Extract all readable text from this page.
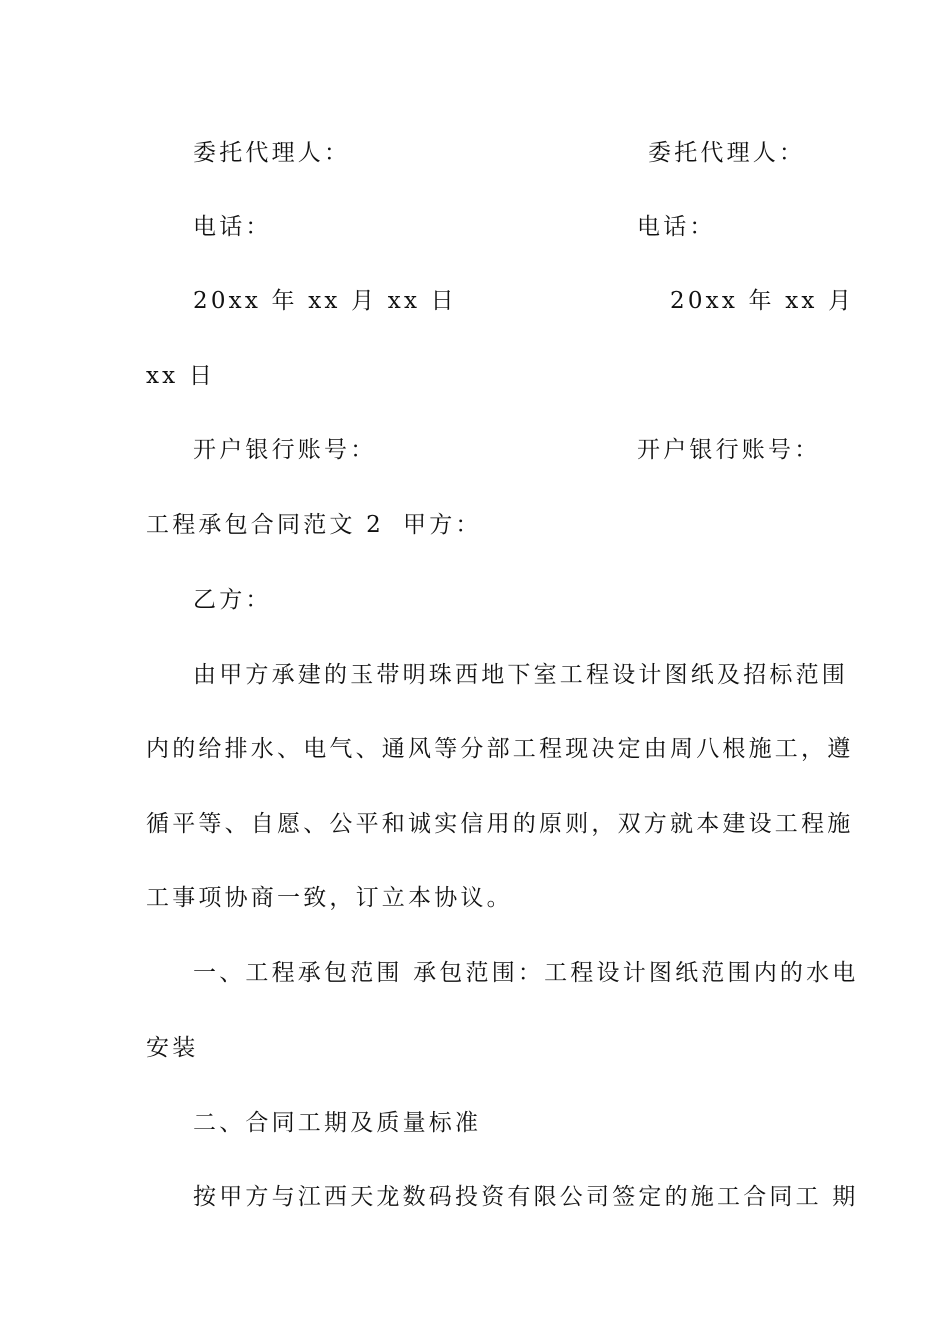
委托代理人：	委托代理人：
电话：	电话：
20xx 年 xx 月 xx 日	20xx 年 xx 月
xx 日
开户银行账号：	开户银行账号：
工程承包合同范文 2 甲方：
乙方：
由甲方承建的玉带明珠西地下室工程设计图纸及招标范围
内的给排水、电气、通风等分部工程现决定由周八根施工，遵
循平等、自愿、公平和诚实信用的原则，双方就本建设工程施
工事项协商一致，订立本协议。
一、工程承包范围 承包范围：工程设计图纸范围内的水电
安装
二、合同工期及质量标准
按甲方与江西天龙数码投资有限公司签定的施工合同工 期
